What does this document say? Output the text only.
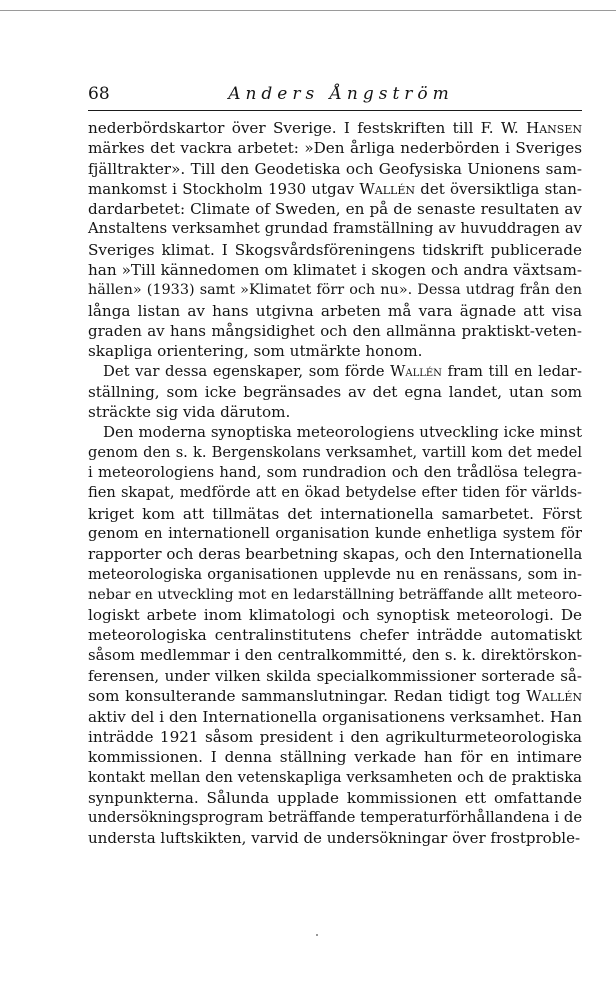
68	Anders Ångström
nederbördskartor över Sverige. I festskriften till F. W. Hansen
märkes det vackra arbetet: »Den årliga nederbörden i Sveriges
fjälltrakter». Till den Geodetiska och Geofysiska Unionens sam-
mankomst i Stockholm 1930 utgav Wallén det översiktliga stan-
dardarbetet: Climate of Sweden, en på de senaste resultaten av
Anstaltens verksamhet grundad framställning av huvuddragen av
Sveriges klimat. I Skogsvårdsföreningens tidskrift publicerade
han »Till kännedomen om klimatet i skogen och andra växtsam-
hällen» (1933) samt »Klimatet förr och nu». Dessa utdrag från den
långa listan av hans utgivna arbeten må vara ägnade att visa
graden av hans mångsidighet och den allmänna praktiskt-veten-
skapliga orientering, som utmärkte honom.
Det var dessa egenskaper, som förde Wallén fram till en ledar-
ställning, som icke begränsades av det egna landet, utan som
sträckte sig vida därutom.
Den moderna synoptiska meteorologiens utveckling icke minst
genom den s. k. Bergenskolans verksamhet, vartill kom det medel
i meteorologiens hand, som rundradion och den trådlösa telegra-
fien skapat, medförde att en ökad betydelse efter tiden för världs-
kriget kom att tillmätas det internationella samarbetet. Först
genom en internationell organisation kunde enhetliga system för
rapporter och deras bearbetning skapas, och den Internationella
meteorologiska organisationen upplevde nu en renässans, som in-
nebar en utveckling mot en ledarställning beträffande allt meteoro-
logiskt arbete inom klimatologi och synoptisk meteorologi. De
meteorologiska centralinstitutens chefer inträdde automatiskt
såsom medlemmar i den centralkommitté, den s. k. direktörskon-
ferensen, under vilken skilda specialkommissioner sorterade så-
som konsulterande sammanslutningar. Redan tidigt tog Wallén
aktiv del i den Internationella organisationens verksamhet. Han
inträdde 1921 såsom president i den agrikulturmeteorologiska
kommissionen. I denna ställning verkade han för en intimare
kontakt mellan den vetenskapliga verksamheten och de praktiska
synpunkterna. Sålunda upplade kommissionen ett omfattande
undersökningsprogram beträffande temperaturförhållandena i de
understa luftskikten, varvid de undersökningar över frostproble-
